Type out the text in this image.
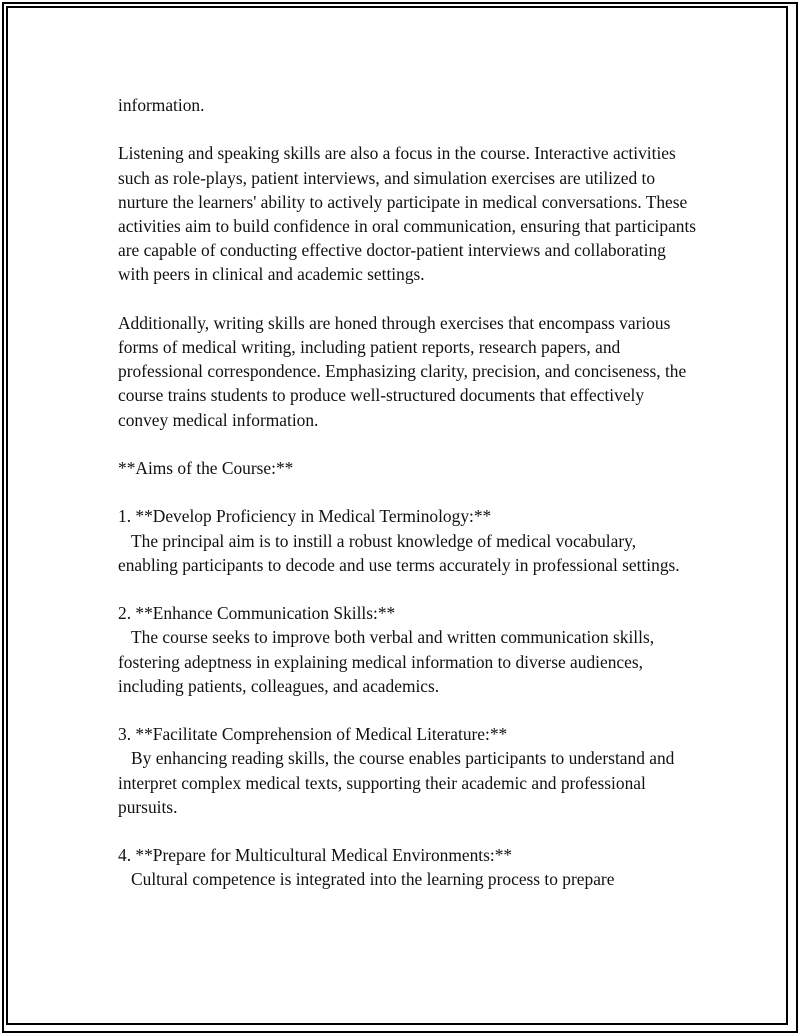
information.

Listening and speaking skills are also a focus in the course. Interactive activities such as role-plays, patient interviews, and simulation exercises are utilized to nurture the learners' ability to actively participate in medical conversations. These activities aim to build confidence in oral communication, ensuring that participants are capable of conducting effective doctor-patient interviews and collaborating with peers in clinical and academic settings.

Additionally, writing skills are honed through exercises that encompass various forms of medical writing, including patient reports, research papers, and professional correspondence. Emphasizing clarity, precision, and conciseness, the course trains students to produce well-structured documents that effectively convey medical information.

**Aims of the Course:**

1. **Develop Proficiency in Medical Terminology:**

The principal aim is to instill a robust knowledge of medical vocabulary, enabling participants to decode and use terms accurately in professional settings.

2. **Enhance Communication Skills:**

The course seeks to improve both verbal and written communication skills, fostering adeptness in explaining medical information to diverse audiences, including patients, colleagues, and academics.

3. **Facilitate Comprehension of Medical Literature:**

By enhancing reading skills, the course enables participants to understand and interpret complex medical texts, supporting their academic and professional pursuits.

4. **Prepare for Multicultural Medical Environments:**

Cultural competence is integrated into the learning process to prepare
